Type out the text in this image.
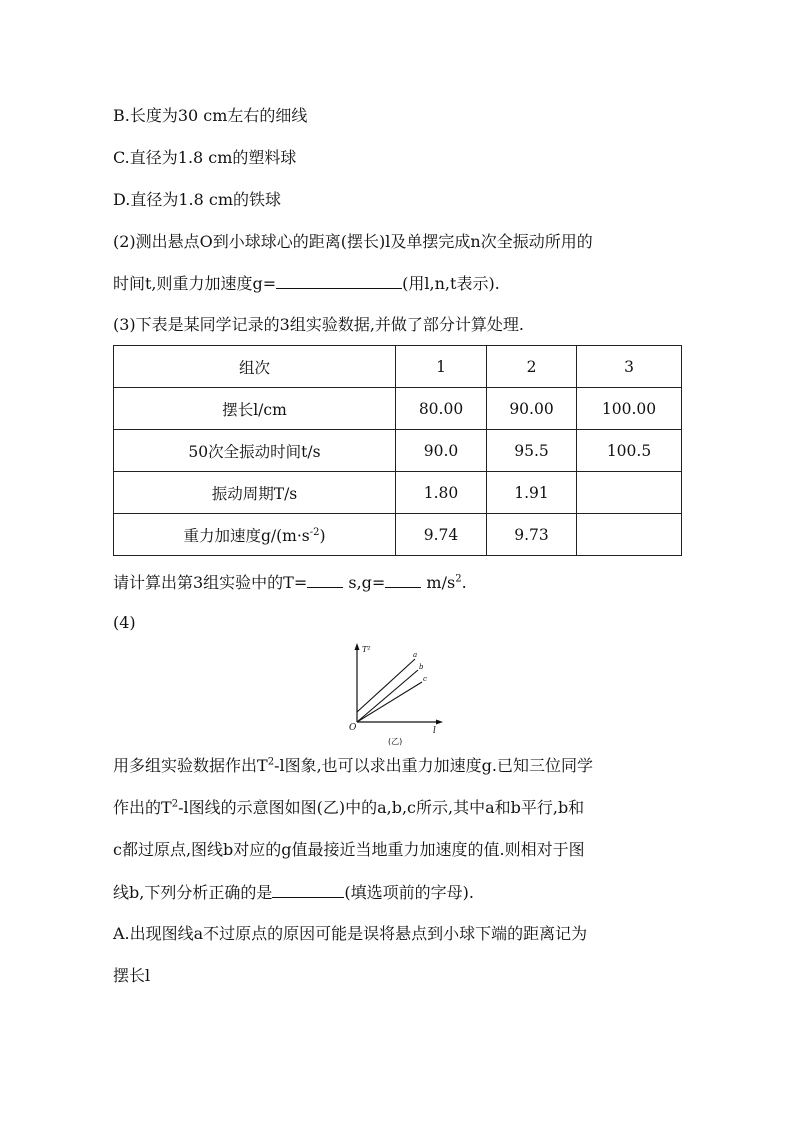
B.长度为30 cm左右的细线
C.直径为1.8 cm的塑料球
D.直径为1.8 cm的铁球
(2)测出悬点O到小球球心的距离(摆长)l及单摆完成n次全振动所用的
时间t,则重力加速度g=	(用l,n,t表示).
(3)下表是某同学记录的3组实验数据,并做了部分计算处理.
组次	1	2	3
摆长l/cm	80.00	90.00	100.00
50次全振动时间t/s	90.0	95.5	100.5
振动周期T/s	1.80	1.91	
重力加速度$g/(m\cdot s^{-2})$	9.74	9.73	
请计算出第3组实验中的T=	s,g=	$m/s^2$.
(4)
T²
l
O
a
b
c
(乙)
用多组实验数据作出$T^2-l$图象,也可以求出重力加速度g.已知三位同学
作出的$T^2-l$图线的示意图如图(乙)中的a,b,c所示,其中a和b平行,b和
c都过原点,图线b对应的g值最接近当地重力加速度的值.则相对于图
线b,下列分析正确的是	(填选项前的字母).
A.出现图线a不过原点的原因可能是误将悬点到小球下端的距离记为
摆长l
